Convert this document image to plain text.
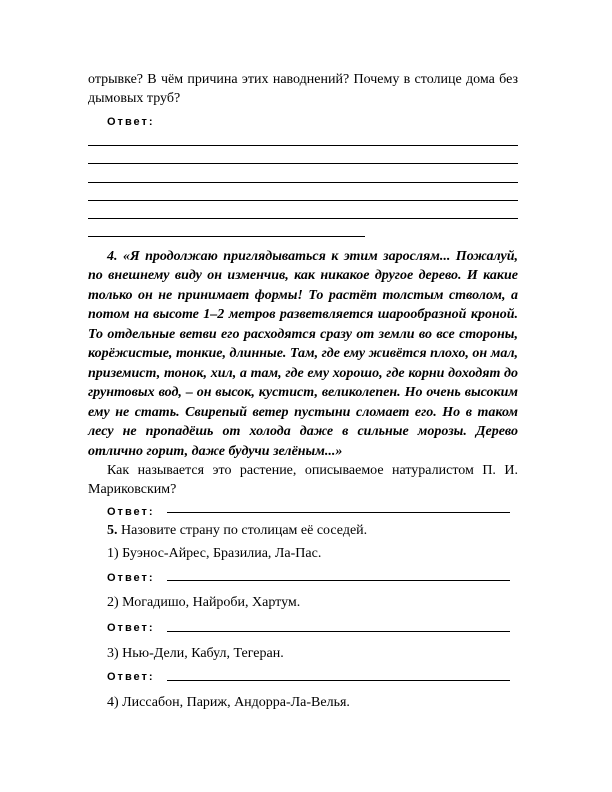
отрывке? В чём причина этих наводнений? Почему в столице дома без
дымовых труб?
Ответ:
4. «Я продолжаю приглядываться к этим зарослям... Пожалуй,
по внешнему виду он изменчив, как никакое другое дерево. И какие
только он не принимает формы! То растёт толстым стволом, а
потом на высоте 1–2 метров разветвляется шарообразной кроной.
То отдельные ветви его расходятся сразу от земли во все стороны,
корёжистые, тонкие, длинные. Там, где ему живётся плохо, он мал,
приземист, тонок, хил, а там, где ему хорошо, где корни доходят до
грунтовых вод, – он высок, кустист, великолепен. Но очень высоким
ему не стать. Свирепый ветер пустыни сломает его. Но в таком
лесу не пропадёшь от холода даже в сильные морозы. Дерево
отлично горит, даже будучи зелёным...»
Как называется это растение, описываемое натуралистом П. И.
Мариковским?
Ответ:
5. Назовите страну по столицам её соседей.
1) Буэнос-Айрес, Бразилиа, Ла-Пас.
Ответ:
2) Могадишо, Найроби, Хартум.
Ответ:
3) Нью-Дели, Кабул, Тегеран.
Ответ:
4) Лиссабон, Париж, Андорра-Ла-Велья.
